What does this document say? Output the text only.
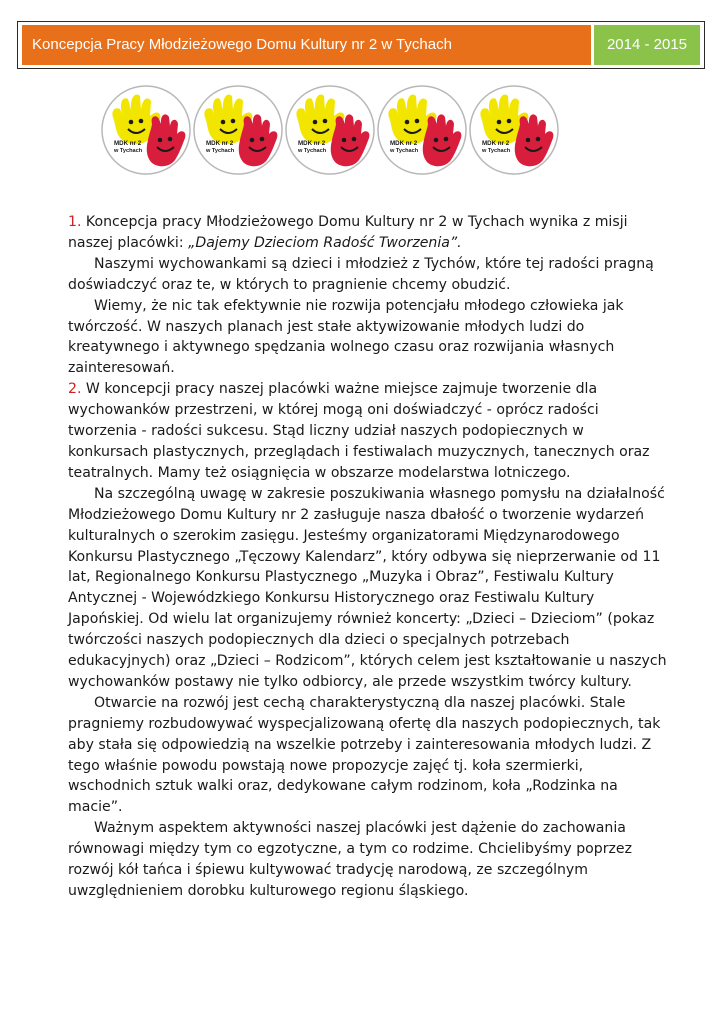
Koncepcja Pracy Młodzieżowego Domu Kultury nr 2 w Tychach	2014 - 2015

1. Koncepcja pracy Młodzieżowego Domu Kultury nr 2 w Tychach wynika z misji naszej placówki: „Dajemy Dzieciom Radość Tworzenia”.

Naszymi wychowankami są dzieci i młodzież z Tychów, które tej radości pragną doświadczyć oraz te, w których to pragnienie chcemy obudzić.

Wiemy, że nic tak efektywnie nie rozwija potencjału młodego człowieka jak twórczość. W naszych planach jest stałe aktywizowanie młodych ludzi do kreatywnego i aktywnego spędzania wolnego czasu oraz rozwijania własnych zainteresowań.

2. W koncepcji pracy naszej placówki ważne miejsce zajmuje tworzenie dla wychowanków przestrzeni, w której mogą oni doświadczyć - oprócz radości tworzenia - radości sukcesu. Stąd liczny udział naszych podopiecznych w konkursach plastycznych, przeglądach i festiwalach muzycznych, tanecznych oraz teatralnych. Mamy też osiągnięcia w obszarze modelarstwa lotniczego.

Na szczególną uwagę w zakresie poszukiwania własnego pomysłu na działalność Młodzieżowego Domu Kultury nr 2 zasługuje nasza dbałość o tworzenie wydarzeń kulturalnych o szerokim zasięgu. Jesteśmy organizatorami Międzynarodowego Konkursu Plastycznego „Tęczowy Kalendarz”, który odbywa się nieprzerwanie od 11 lat, Regionalnego Konkursu Plastycznego „Muzyka i Obraz”, Festiwalu Kultury Antycznej - Wojewódzkiego Konkursu Historycznego oraz Festiwalu Kultury Japońskiej. Od wielu lat organizujemy również koncerty: „Dzieci – Dzieciom” (pokaz twórczości naszych podopiecznych dla dzieci o specjalnych potrzebach edukacyjnych) oraz „Dzieci – Rodzicom”, których celem jest kształtowanie u naszych wychowanków postawy nie tylko odbiorcy, ale przede wszystkim twórcy kultury.

Otwarcie na rozwój jest cechą charakterystyczną dla naszej placówki. Stale pragniemy rozbudowywać wyspecjalizowaną ofertę dla naszych podopiecznych, tak aby stała się odpowiedzią na wszelkie potrzeby i zainteresowania młodych ludzi. Z tego właśnie powodu powstają nowe propozycje zajęć tj. koła szermierki, wschodnich sztuk walki oraz, dedykowane całym rodzinom, koła „Rodzinka na macie”.

Ważnym aspektem aktywności naszej placówki jest dążenie do zachowania równowagi między tym co egzotyczne, a tym co rodzime. Chcielibyśmy poprzez rozwój kół tańca i śpiewu kultywować tradycję narodową, ze szczególnym uwzględnieniem dorobku kulturowego regionu śląskiego.
